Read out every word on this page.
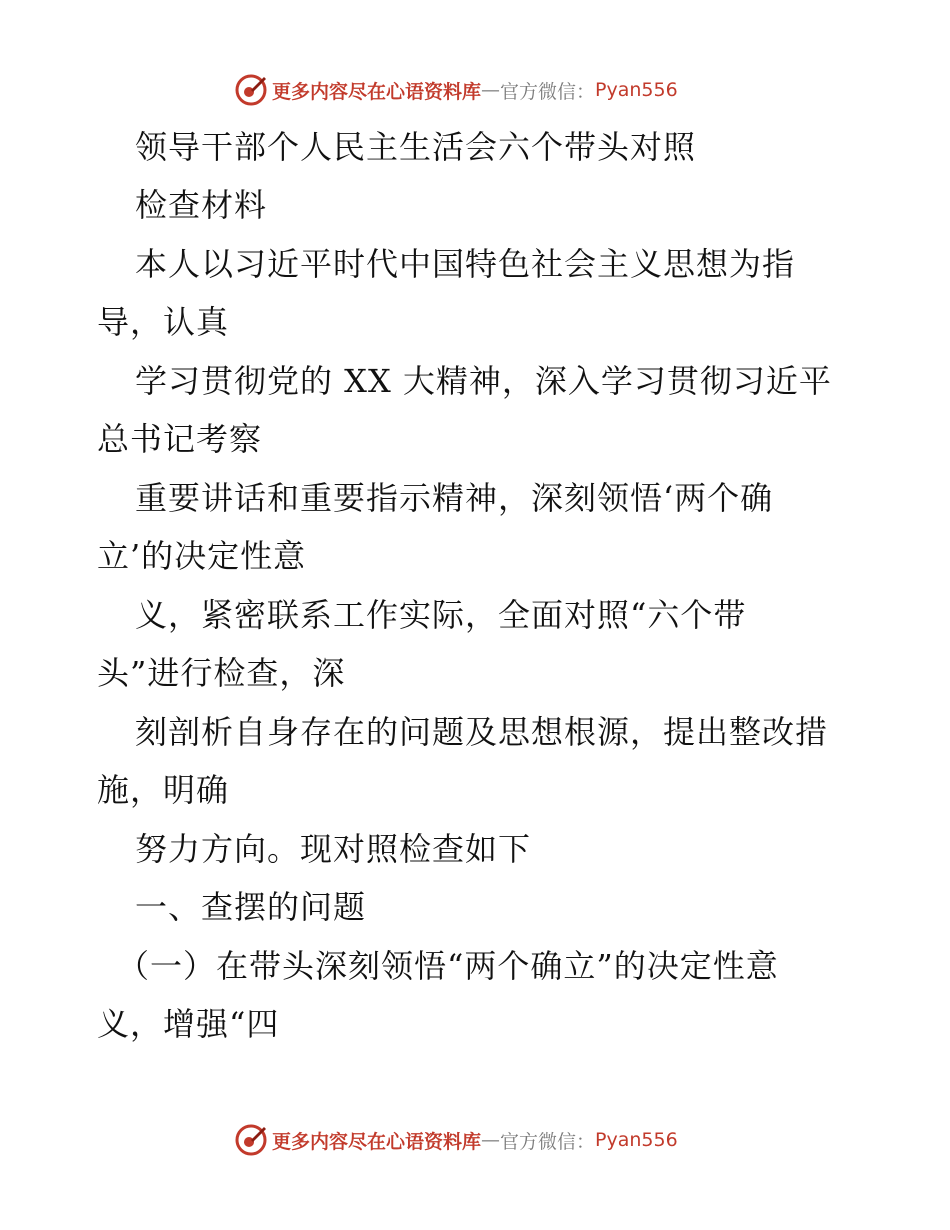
更多内容尽在心语资料库 — 官方微信： Pyan556
领导干部个人民主生活会六个带头对照
检查材料
本人以习近平时代中国特色社会主义思想为指
导，认真
学习贯彻党的 XX 大精神，深入学习贯彻习近平
总书记考察
重要讲话和重要指示精神，深刻领悟‘两个确
立’的决定性意
义，紧密联系工作实际，全面对照“六个带
头”进行检查，深
刻剖析自身存在的问题及思想根源，提出整改措
施，明确
努力方向。现对照检查如下
一、查摆的问题
（一）在带头深刻领悟“两个确立”的决定性意
义，增强“四
更多内容尽在心语资料库 — 官方微信： Pyan556
